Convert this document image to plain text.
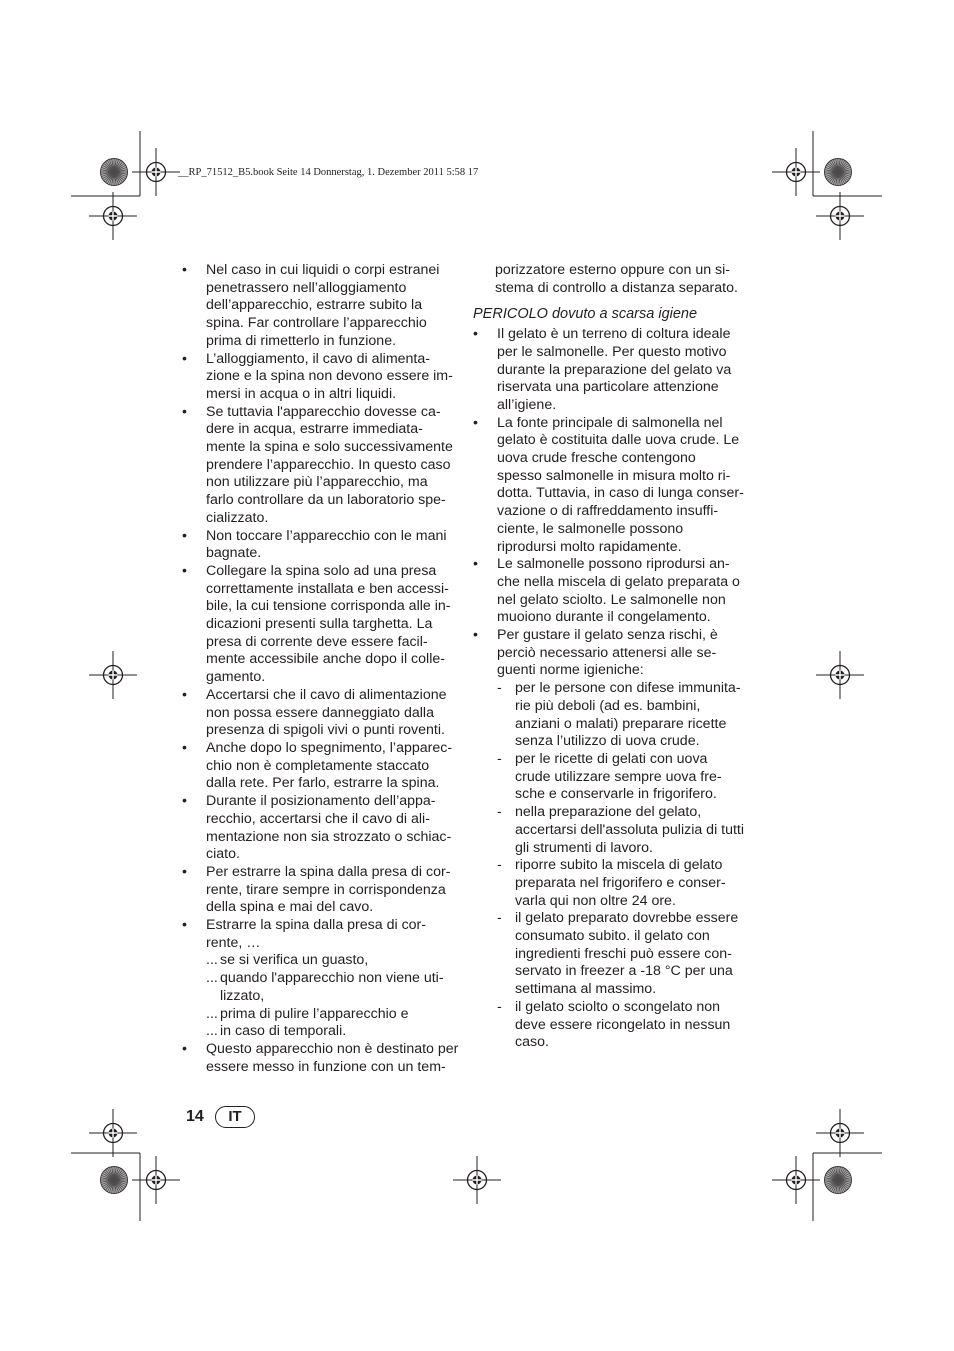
__RP_71512_B5.book Seite 14 Donnerstag, 1. Dezember 2011 5:58 17
•	Nel caso in cui liquidi o corpi estranei
penetrassero nell’alloggiamento
dell’apparecchio, estrarre subito la
spina. Far controllare l’apparecchio
prima di rimetterlo in funzione.
•	L’alloggiamento, il cavo di alimenta-
zione e la spina non devono essere im-
mersi in acqua o in altri liquidi.
•	Se tuttavia l'apparecchio dovesse ca-
dere in acqua, estrarre immediata-
mente la spina e solo successivamente
prendere l’apparecchio. In questo caso
non utilizzare più l’apparecchio, ma
farlo controllare da un laboratorio spe-
cializzato.
•	Non toccare l’apparecchio con le mani
bagnate.
•	Collegare la spina solo ad una presa
correttamente installata e ben accessi-
bile, la cui tensione corrisponda alle in-
dicazioni presenti sulla targhetta. La
presa di corrente deve essere facil-
mente accessibile anche dopo il colle-
gamento.
•	Accertarsi che il cavo di alimentazione
non possa essere danneggiato dalla
presenza di spigoli vivi o punti roventi.
•	Anche dopo lo spegnimento, l’apparec-
chio non è completamente staccato
dalla rete. Per farlo, estrarre la spina.
•	Durante il posizionamento dell’appa-
recchio, accertarsi che il cavo di ali-
mentazione non sia strozzato o schiac-
ciato.
•	Per estrarre la spina dalla presa di cor-
rente, tirare sempre in corrispondenza
della spina e mai del cavo.
•	Estrarre la spina dalla presa di cor-
rente, …
... se si verifica un guasto,
... quando l'apparecchio non viene uti-
lizzato,
... prima di pulire l’apparecchio e
... in caso di temporali.
•	Questo apparecchio non è destinato per
essere messo in funzione con un tem-
porizzatore esterno oppure con un si-
stema di controllo a distanza separato.
PERICOLO dovuto a scarsa igiene
•	Il gelato è un terreno di coltura ideale
per le salmonelle. Per questo motivo
durante la preparazione del gelato va
riservata una particolare attenzione
all’igiene.
•	La fonte principale di salmonella nel
gelato è costituita dalle uova crude. Le
uova crude fresche contengono
spesso salmonelle in misura molto ri-
dotta. Tuttavia, in caso di lunga conser-
vazione o di raffreddamento insuffi-
ciente, le salmonelle possono
riprodursi molto rapidamente.
•	Le salmonelle possono riprodursi an-
che nella miscela di gelato preparata o
nel gelato sciolto. Le salmonelle non
muoiono durante il congelamento.
•	Per gustare il gelato senza rischi, è
perciò necessario attenersi alle se-
guenti norme igieniche:
- per le persone con difese immunita-
rie più deboli (ad es. bambini,
anziani o malati) preparare ricette
senza l’utilizzo di uova crude.
- per le ricette di gelati con uova
crude utilizzare sempre uova fre-
sche e conservarle in frigorifero.
- nella preparazione del gelato,
accertarsi dell'assoluta pulizia di tutti
gli strumenti di lavoro.
- riporre subito la miscela di gelato
preparata nel frigorifero e conser-
varla qui non oltre 24 ore.
- il gelato preparato dovrebbe essere
consumato subito. il gelato con
ingredienti freschi può essere con-
servato in freezer a -18 °C per una
settimana al massimo.
- il gelato sciolto o scongelato non
deve essere ricongelato in nessun
caso.
14	IT
